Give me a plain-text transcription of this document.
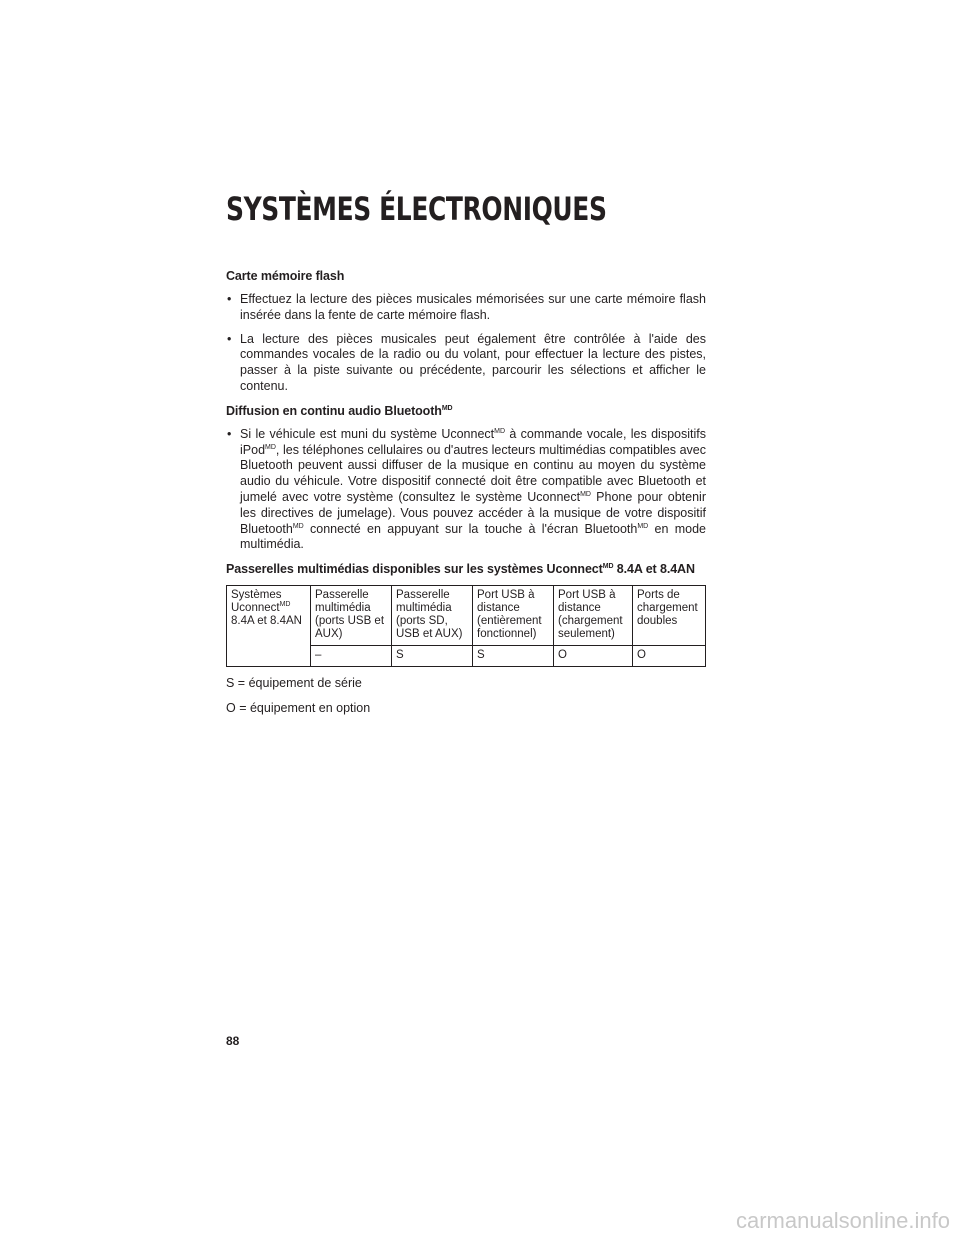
SYSTÈMES ÉLECTRONIQUES
Carte mémoire flash
• Effectuez la lecture des pièces musicales mémorisées sur une carte mémoire flash insérée dans la fente de carte mémoire flash.
• La lecture des pièces musicales peut également être contrôlée à l'aide des commandes vocales de la radio ou du volant, pour effectuer la lecture des pistes, passer à la piste suivante ou précédente, parcourir les sélections et afficher le contenu.
Diffusion en continu audio Bluetooth$^{MD}$
• Si le véhicule est muni du système Uconnect$^{MD}$ à commande vocale, les dispositifs iPod$^{MD}$, les téléphones cellulaires ou d'autres lecteurs multimédias compatibles avec Bluetooth peuvent aussi diffuser de la musique en continu au moyen du système audio du véhicule. Votre dispositif connecté doit être compatible avec Bluetooth et jumelé avec votre système (consultez le système Uconnect$^{MD}$ Phone pour obtenir les directives de jumelage). Vous pouvez accéder à la musique de votre dispositif Bluetooth$^{MD}$ connecté en appuyant sur la touche à l'écran Bluetooth$^{MD}$ en mode multimédia.
Passerelles multimédias disponibles sur les systèmes Uconnect$^{MD}$ 8.4A et 8.4AN
Systèmes Uconnect$^{MD}$ 8.4A et 8.4AN	Passerelle multimédia (ports USB et AUX)	Passerelle multimédia (ports SD, USB et AUX)	Port USB à distance (entièrement fonctionnel)	Port USB à distance (chargement seulement)	Ports de chargement doubles
	–	S	S	O	O

S = équipement de série

O = équipement en option

88
carmanualsonline.info
